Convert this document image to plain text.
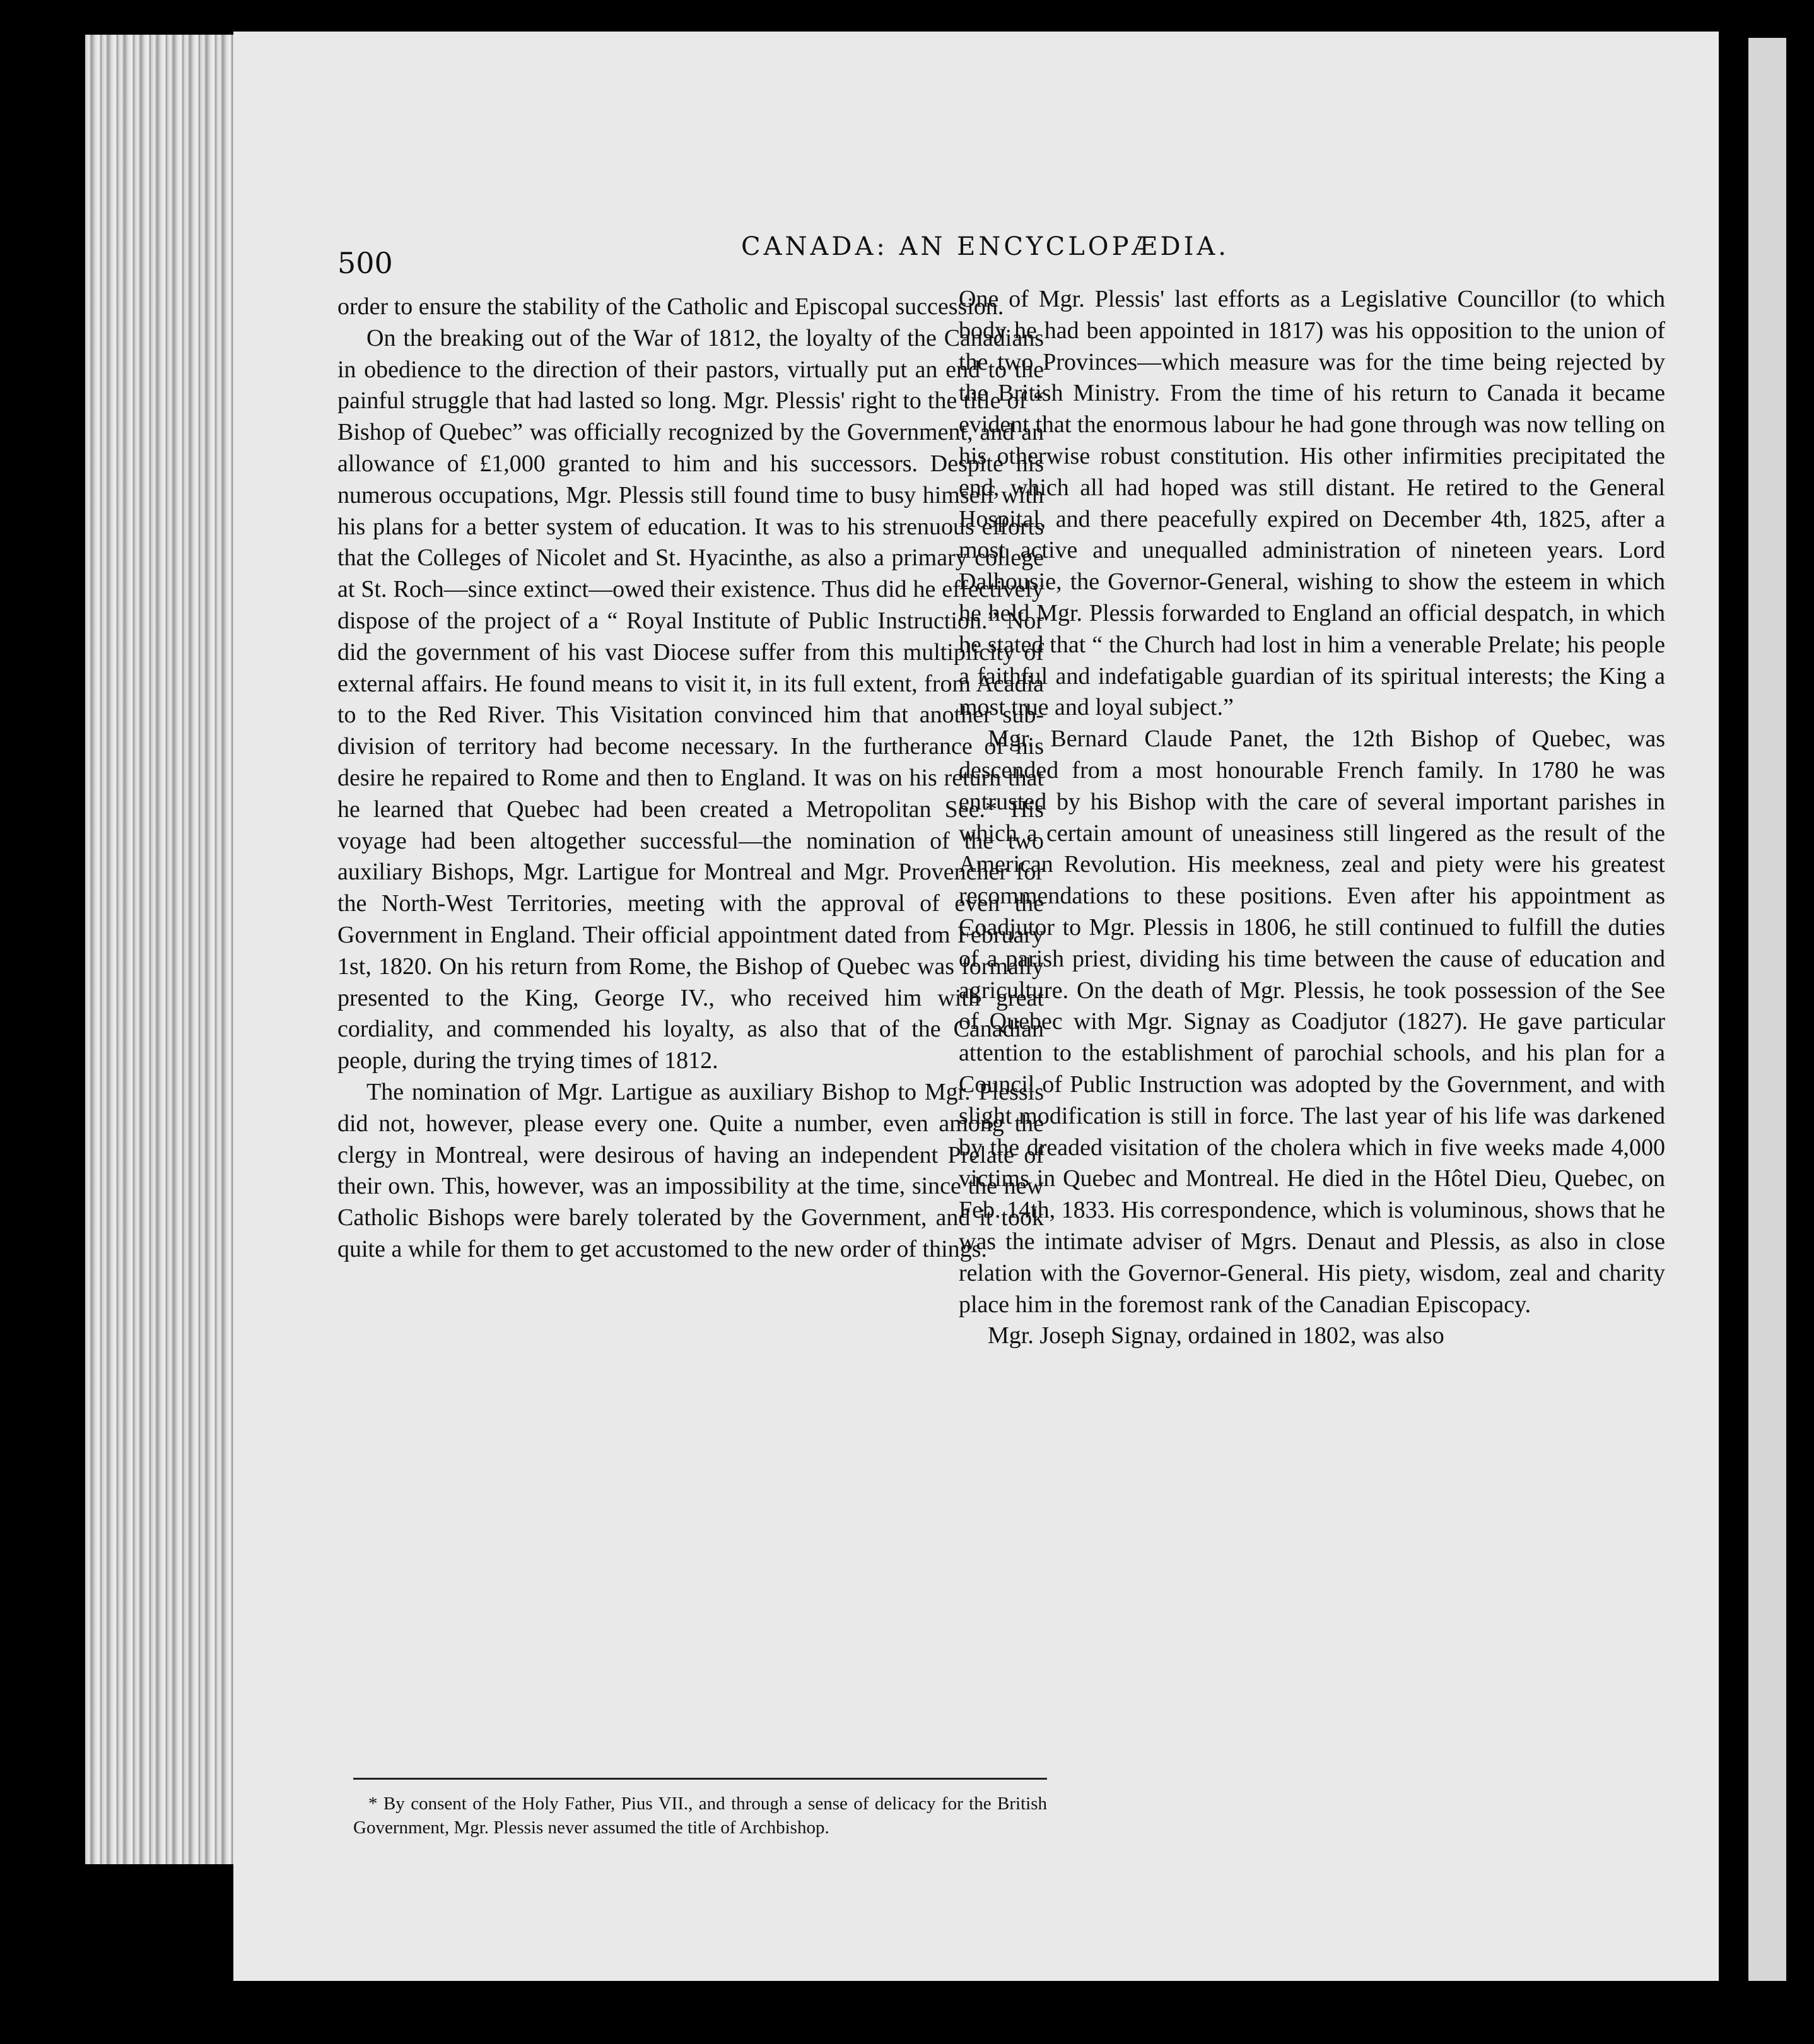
500	CANADA: AN ENCYCLOPÆDIA.

order to ensure the stability of the Catholic and Episcopal succession.

On the breaking out of the War of 1812, the loyalty of the Canadians in obedience to the direction of their pastors, virtually put an end to the painful struggle that had lasted so long. Mgr. Plessis' right to the title of “ Bishop of Quebec” was officially recognized by the Government, and an allowance of £1,000 granted to him and his successors. Despite his numerous occupations, Mgr. Plessis still found time to busy himself with his plans for a better system of education. It was to his strenuous efforts that the Colleges of Nicolet and St. Hyacinthe, as also a primary college at St. Roch—since extinct—owed their existence. Thus did he effectively dispose of the project of a “ Royal Institute of Public Instruction.” Nor did the government of his vast Diocese suffer from this multiplicity of external affairs. He found means to visit it, in its full extent, from Acadia to to the Red River. This Visitation convinced him that another sub-division of territory had become necessary. In the furtherance of his desire he repaired to Rome and then to England. It was on his return that he learned that Quebec had been created a Metropolitan See.* His voyage had been altogether successful—the nomination of the two auxiliary Bishops, Mgr. Lartigue for Montreal and Mgr. Provencher for the North-West Territories, meeting with the approval of even the Government in England. Their official appointment dated from February 1st, 1820. On his return from Rome, the Bishop of Quebec was formally presented to the King, George IV., who received him with great cordiality, and commended his loyalty, as also that of the Canadian people, during the trying times of 1812.

The nomination of Mgr. Lartigue as auxiliary Bishop to Mgr. Plessis did not, however, please every one. Quite a number, even among the clergy in Montreal, were desirous of having an independent Prelate of their own. This, however, was an impossibility at the time, since the new Catholic Bishops were barely tolerated by the Government, and it took quite a while for them to get accustomed to the new order of things.

* By consent of the Holy Father, Pius VII., and through a sense of delicacy for the British Government, Mgr. Plessis never assumed the title of Archbishop.

One of Mgr. Plessis' last efforts as a Legislative Councillor (to which body he had been appointed in 1817) was his opposition to the union of the two Provinces—which measure was for the time being rejected by the British Ministry. From the time of his return to Canada it became evident that the enormous labour he had gone through was now telling on his otherwise robust constitution. His other infirmities precipitated the end, which all had hoped was still distant. He retired to the General Hospital, and there peacefully expired on December 4th, 1825, after a most active and unequalled administration of nineteen years. Lord Dalhousie, the Governor-General, wishing to show the esteem in which he held Mgr. Plessis forwarded to England an official despatch, in which he stated that “ the Church had lost in him a venerable Prelate; his people a faithful and indefatigable guardian of its spiritual interests; the King a most true and loyal subject.”

Mgr. Bernard Claude Panet, the 12th Bishop of Quebec, was descended from a most honourable French family. In 1780 he was entrusted by his Bishop with the care of several important parishes in which a certain amount of uneasiness still lingered as the result of the American Revolution. His meekness, zeal and piety were his greatest recommendations to these positions. Even after his appointment as Coadjutor to Mgr. Plessis in 1806, he still continued to fulfill the duties of a parish priest, dividing his time between the cause of education and agriculture. On the death of Mgr. Plessis, he took possession of the See of Quebec with Mgr. Signay as Coadjutor (1827). He gave particular attention to the establishment of parochial schools, and his plan for a Council of Public Instruction was adopted by the Government, and with slight modification is still in force. The last year of his life was darkened by the dreaded visitation of the cholera which in five weeks made 4,000 victims in Quebec and Montreal. He died in the Hôtel Dieu, Quebec, on Feb. 14th, 1833. His correspondence, which is voluminous, shows that he was the intimate adviser of Mgrs. Denaut and Plessis, as also in close relation with the Governor-General. His piety, wisdom, zeal and charity place him in the foremost rank of the Canadian Episcopacy.

Mgr. Joseph Signay, ordained in 1802, was also
